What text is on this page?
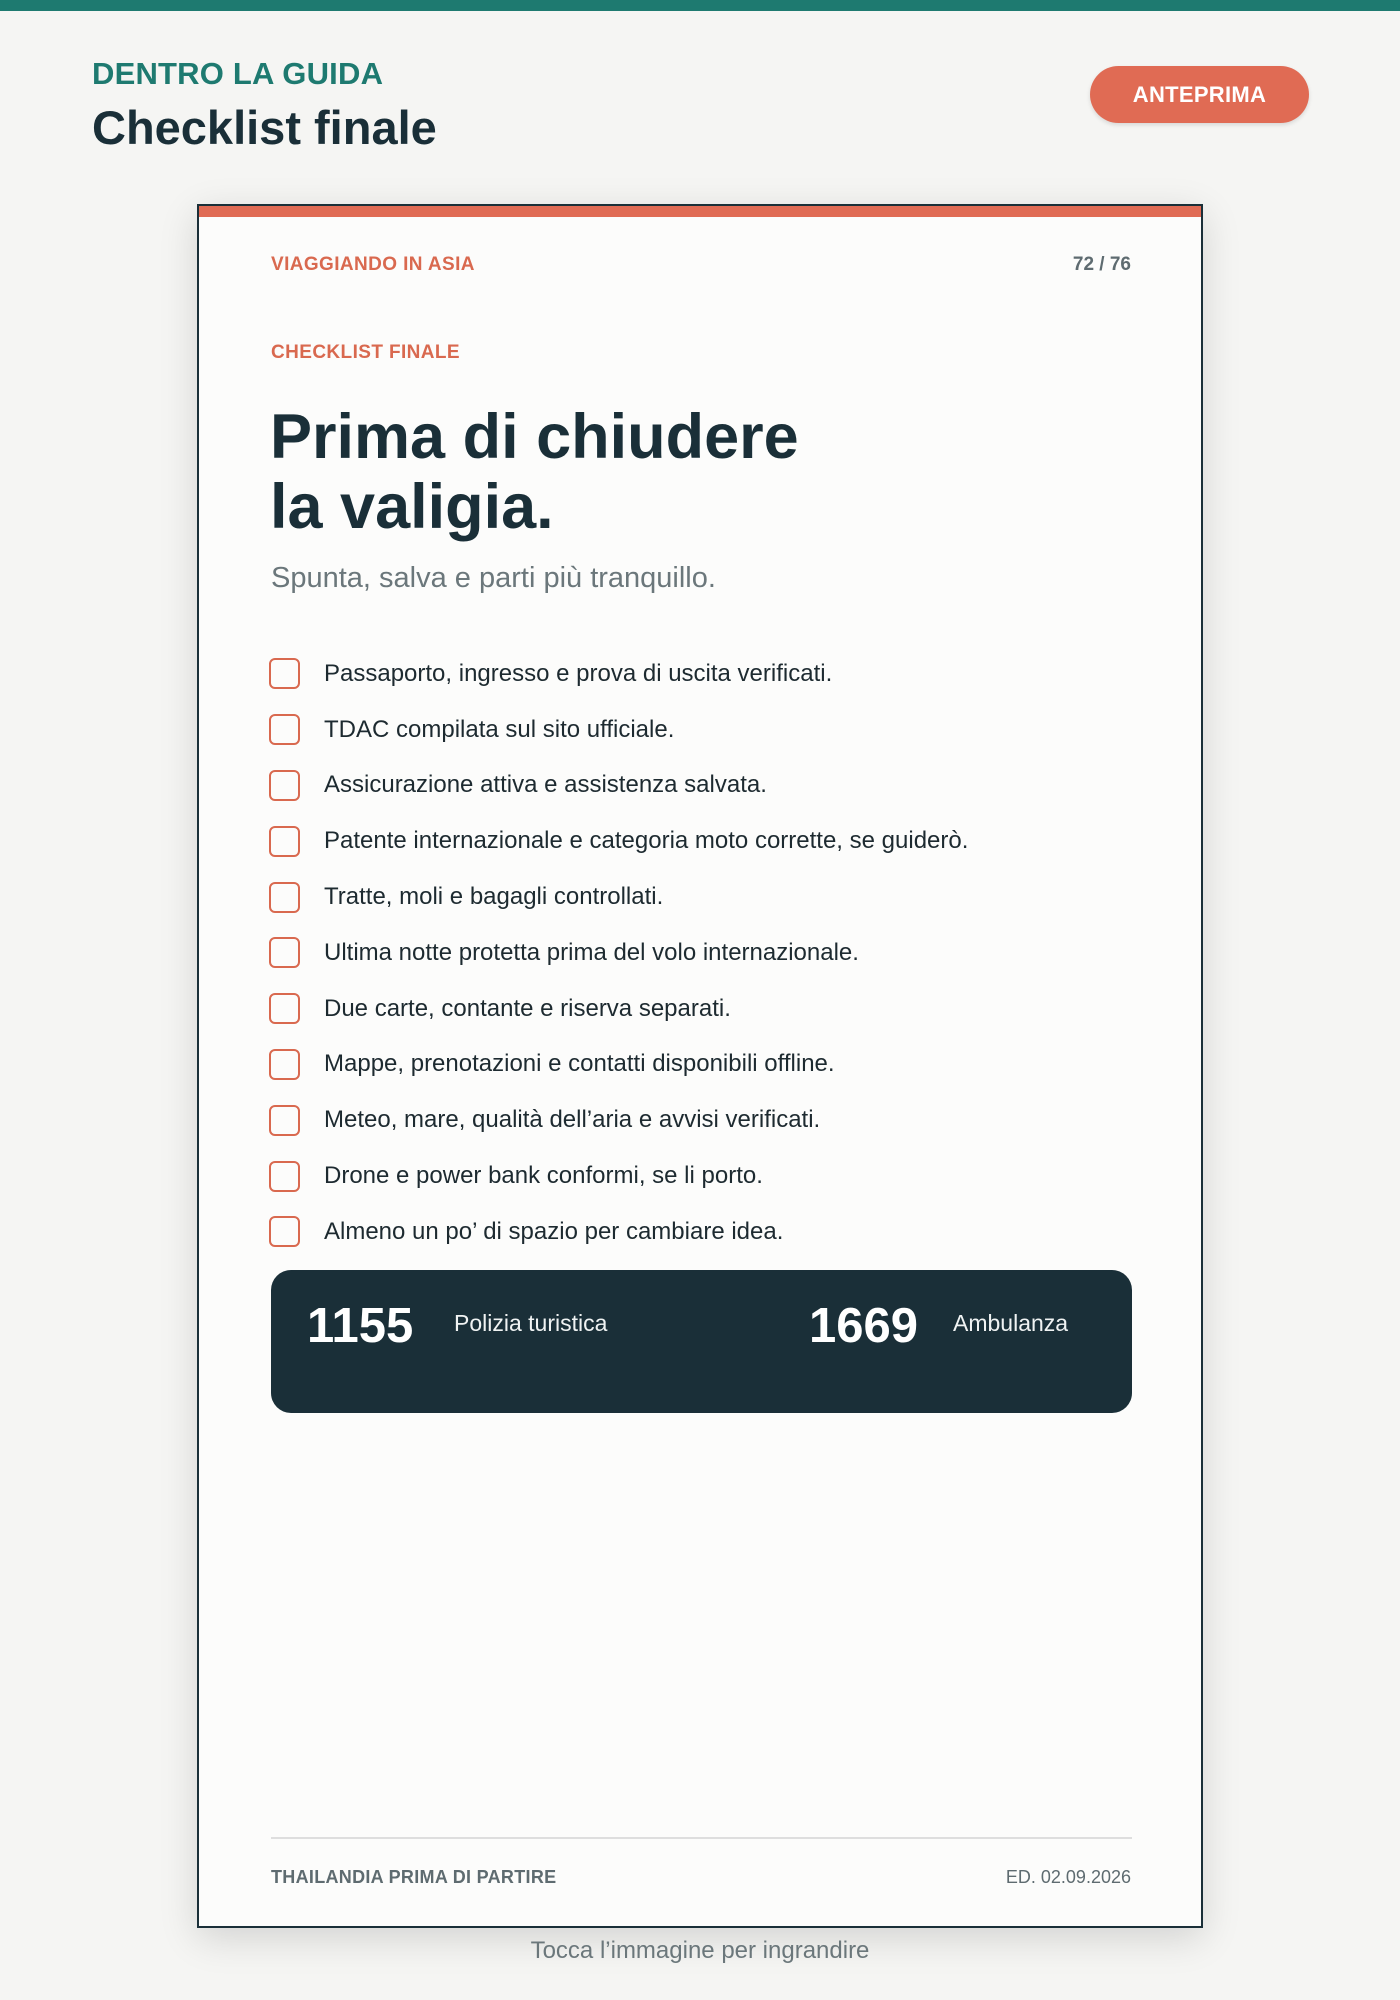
DENTRO LA GUIDA
Checklist finale
ANTEPRIMA
VIAGGIANDO IN ASIA	72 / 76
CHECKLIST FINALE
Prima di chiudere
la valigia.
Spunta, salva e parti più tranquillo.
Passaporto, ingresso e prova di uscita verificati.
TDAC compilata sul sito ufficiale.
Assicurazione attiva e assistenza salvata.
Patente internazionale e categoria moto corrette, se guiderò.
Tratte, moli e bagagli controllati.
Ultima notte protetta prima del volo internazionale.
Due carte, contante e riserva separati.
Mappe, prenotazioni e contatti disponibili offline.
Meteo, mare, qualità dell’aria e avvisi verificati.
Drone e power bank conformi, se li porto.
Almeno un po’ di spazio per cambiare idea.
1155 Polizia turistica	1669 Ambulanza
THAILANDIA PRIMA DI PARTIRE	ED. 02.09.2026
Tocca l’immagine per ingrandire
